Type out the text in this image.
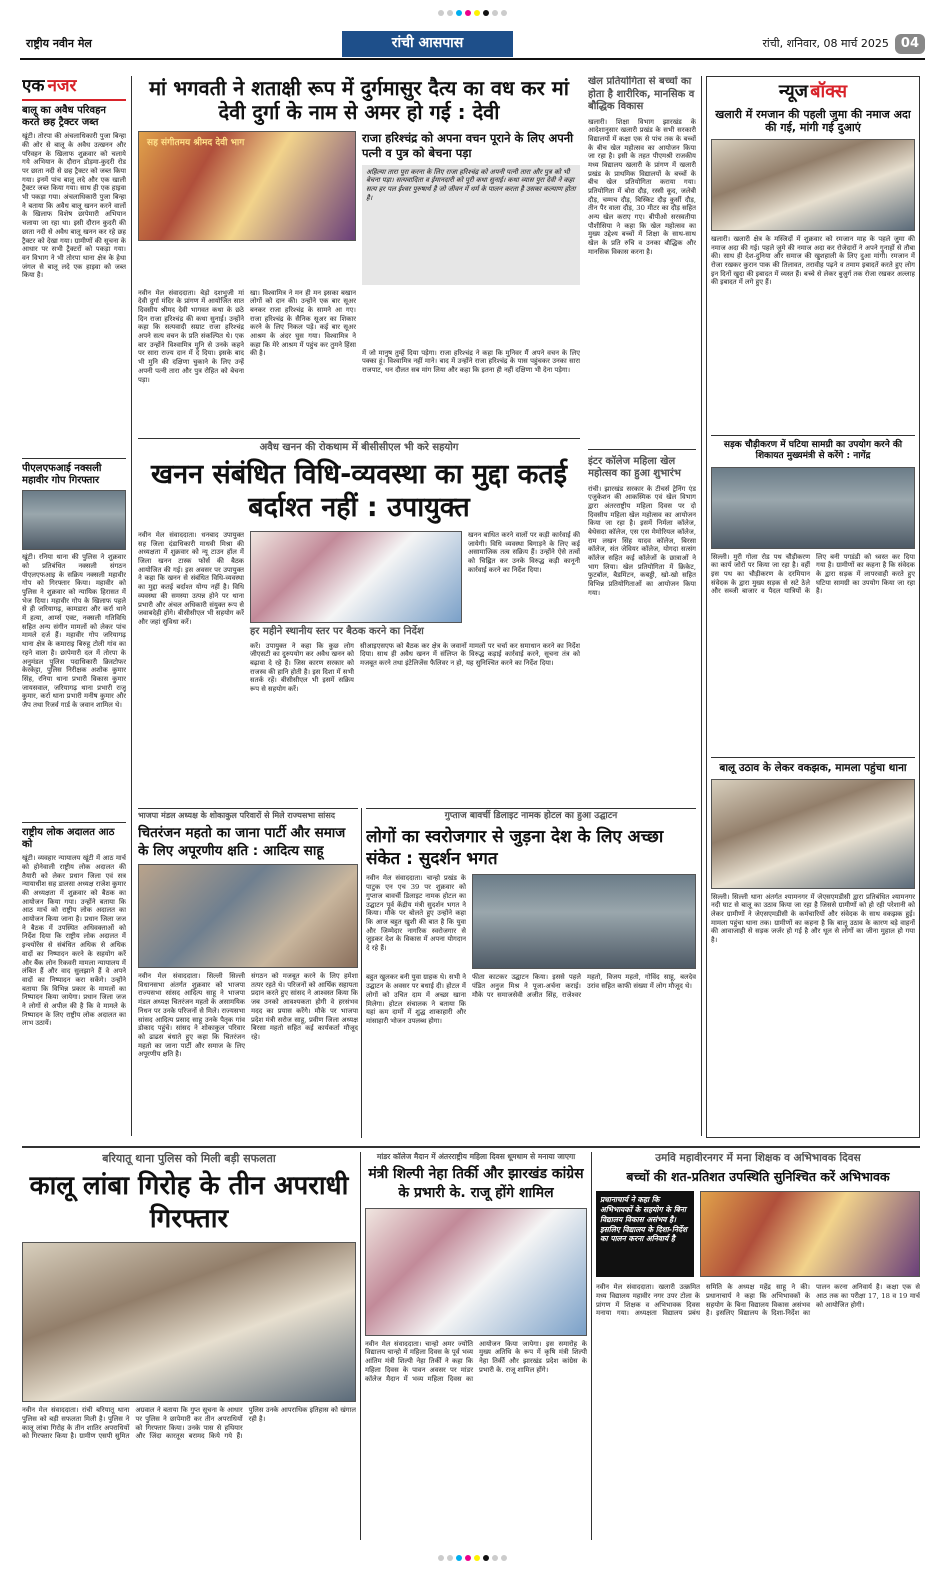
राष्ट्रीय नवीन मेल	रांची आसपास	रांची, शनिवार, 08 मार्च 2025 04
एक नजर
बालू का अवैध परिवहन करते छह ट्रैक्टर जब्त
खूंटी। तोरपा की अंचलाधिकारी पुजा बिन्हा की ओर से बालू के अवैध उत्खनन और परिवहन के खिलाफ शुक्रवार को चलाये गये अभियान के दौरान डोड़मा-कुदरी रोड पर छाता नदी से छह ट्रैक्टर को जब्त किया गया। इनमें पांच बालू लदे और एक खाली ट्रैक्टर जब्त किया गया। साथ ही एक हाइवा भी पकड़ा गया। अंचलाधिकारी पुजा बिन्हा ने बताया कि अवैध बालू खनन करने वालों के खिलाफ विशेष छापेमारी अभियान चलाया जा रहा था। इसी दौरान कुदरी की छाता नदी से अवैध बालू खनन कर रहे छह ट्रैक्टर को देखा गया। ग्रामीणों की सूचना के आधार पर सभी ट्रैक्टरों को पकड़ा गया। वन विभाग ने भी तोरपा थाना क्षेत्र के हेथा जंगल से बालू लदे एक हाइवा को जब्त किया है।
पीएलएफआई नक्सली महावीर गोप गिरफ्तार
खूंटी। रनिया थाना की पुलिस ने शुक्रवार को प्रतिबंधित नक्सली संगठन पीएलएफआइ के सक्रिय नक्सली महावीर गोप को गिरफ्तार किया। महावीर को पुलिस ने शुक्रवार को न्यायिक हिरासत में भेज दिया। महावीर गोप के खिलाफ पहले से ही जरियागढ़, कामडारा और कर्रा थाने में हत्या, आर्म्स एक्ट, नक्सली गतिविधि सहित अन्य संगीन मामलों को लेकर पांच मामले दर्ज हैं। महावीर गोप जरियागढ़ थाना क्षेत्र के कमाराइ बिरुहू टोली गांव का रहने वाला है। छापेमारी दल में तोरपा के अनुमंडल पुलिस पदाधिकारी क्रिस्टोफर केरकेट्टा, पुलिस निरीक्षक अशोक कुमार सिंह, रनिया थाना प्रभारी विकास कुमार जायसवाल, जरियागढ़ थाना प्रभारी राजू कुमार, कर्रा थाना प्रभारी मनीष कुमार और जैप तथा रिजर्व गार्ड के जवान शामिल थे।
राष्ट्रीय लोक अदालत आठ को
खूंटी। व्यवहार न्यायालय खूंटी में आठ मार्च को होनेवाली राष्ट्रीय लोक अदालत की तैयारी को लेकर प्रधान जिला एवं सत्र न्यायाधीश सह डालसा अध्यक्ष राजेश कुमार की अध्यक्षता में शुक्रवार को बैठक का आयोजन किया गया। उन्होंने बताया कि आठ मार्च को राष्ट्रीय लोक अदालत का आयोजन किया जाना है। प्रधान जिला जज ने बैठक में उपस्थित अधिवक्ताओं को निर्देश दिया कि राष्ट्रीय लोक अदालत में इन्श्योरेंस से संबंधित अधिक से अधिक वादों का निष्पादन करने के सहयोग करें और बैंक लोन रिकवरी मामला न्यायालय में लंबित हैं और वाद सुलझाने हैं वे अपने वादों का निष्पादन करा सकेंगे। उन्होंने बताया कि विभिन्न प्रकार के मामलों का निष्पादन किया जायेगा। प्रधान जिला जज ने लोगों से अपील की है कि वे मामले के निष्पादन के लिए राष्ट्रीय लोक अदालत का लाभ उठायें।
मां भगवती ने शताक्षी रूप में दुर्गमासुर दैत्य का वध कर मां देवी दुर्गा के नाम से अमर हो गई : देवी
सह संगीतमय श्रीमद देवी भाग	राजा हरिश्चंद्र को अपना वचन पूराने के लिए अपनी पत्नी व पुत्र को बेचना पड़ा
अहिल्या तारा पूरा करना के लिए राजा हरिश्चंद्र को अपनी पत्नी तारा और पुत्र को भी बेचना पड़ा। सत्यवादिता व ईमानदारी को पूरी कथा सुनाई। कथा व्यास पुरा देवी ने कहा सत्य हर पल ईश्वर पुरुषार्थ है जो जीवन में धर्म के पालन करता है उसका कल्याण होता है।
नवीन मेल संवाददाता। बेड़ो दशभुजी मां देवी दुर्गा मंदिर के प्रांगण में आयोजित सात दिवसीय श्रीमद देवी भागवत कथा के छठे दिन राजा हरिश्चंद्र की कथा सुनाई। उन्होंने कहा कि सत्यवादी सम्राट राजा हरिश्चंद्र अपने सत्य वचन के प्रति संकल्पित थे। एक बार उन्होंने विश्वामित्र मुनि से उनके कहने पर सारा राज्य दान में दे दिया। इसके बाद भी मुनि की दक्षिणा चुकाने के लिए उन्हें अपनी पत्नी तारा और पुत्र रोहित को बेचना पड़ा।
खा। विश्वामित्र ने मन ही मन इसका बखान लोगों को दान की। उन्होंने एक बार सूअर बनकर राजा हरिश्चंद्र के सामने आ गए। राजा हरिश्चंद्र के सैनिक सूअर का शिकार करने के लिए निकल पड़े। कई बार सूअर आश्रम के अंदर घुस गया। विश्वामित्र ने कहा कि मेरे आश्रम में पहुंच कर तुमने हिंसा की है।	में जो मानुष तुम्हें दिया पड़ेगा। राजा हरिश्चंद्र ने कहा कि मुनिवर मैं अपने वचन के लिए पक्का हूं। विश्वामित्र नहीं माने। बाद में उन्होंने राजा हरिश्चंद्र के पास पहुंचकर उनका सारा राजपाट, धन दौलत सब मांग लिया और कहा कि इतना ही नहीं दक्षिणा भी देना पड़ेगा।
खेल प्रतियोगिता से बच्चों का होता है शारीरिक, मानसिक व बौद्धिक विकास
खलारी। शिक्षा विभाग झारखंड के आदेशानुसार खलारी प्रखंड के सभी सरकारी विद्यालयों में कक्षा एक से पांच तक के बच्चों के बीच खेल महोत्सव का आयोजन किया जा रहा है। इसी के तहत पीएमश्री राजकीय मध्य विद्यालय खलारी के प्रांगण में खलारी प्रखंड के प्राथमिक विद्यालयों के बच्चों के बीच खेल प्रतियोगिता कराया गया। प्रतियोगिता में बोरा दौड़, रस्सी कूद, जलेबी दौड़, चम्मच दौड़, बिस्किट दौड़ कुर्सी दौड़, तीन पैर वाला दौड़, 30 मीटर का दौड़ सहित अन्य खेल कराए गए। बीपीओ सरस्वतीया पौशीसिया ने कहा कि खेल महोत्सव का मुख्य उद्देश्य बच्चों में शिक्षा के साथ-साथ खेल के प्रति रुचि व उनका बौद्धिक और मानसिक विकास करना है।
इंटर कॉलेज महिला खेल महोत्सव का हुआ शुभारंभ
रांची। झारखंड सरकार के टीचर्स ट्रेनिंग एंड एजुकेशन की आकस्मिक एवं खेल विभाग द्वारा अंतरराष्ट्रीय महिला दिवस पर दो दिवसीय महिला खेल महोत्सव का आयोजन किया जा रहा है। इसमें निर्मला कॉलेज, बेथेसदा कॉलेज, एस एस मेमोरियल कॉलेज, राम लखन सिंह यादव कॉलेज, बिरसा कॉलेज, संत जेवियर कॉलेज, योगदा सत्संग कॉलेज सहित कई कॉलेजों के छात्राओं ने भाग लिया। खेल प्रतियोगिता में क्रिकेट, फुटबॉल, बैडमिंटन, कबड्डी, खो-खो सहित विभिन्न प्रतियोगिताओं का आयोजन किया गया।
न्यूज बॉक्स
खलारी में रमजान की पहली जुमा की नमाज अदा की गई, मांगी गई दुआएं
खलारी। खलारी क्षेत्र के मस्जिदों में शुक्रवार को रमजान माह के पहले जुमा की नमाज अदा की गई। पहले जुमे की नमाज अदा कर रोजेदारों ने अपने गुनाहों से तौबा की। साथ ही देश-दुनिया और समाज की खुशहाली के लिए दुआ मांगी। रमजान में रोजा रखकर कुरान पाक की तिलावत, तरावीह पढ़ने व तमाम इबादतें करते हुए लोग इन दिनों खुदा की इबादत में व्यस्त हैं। बच्चे से लेकर बुजुर्ग तक रोजा रखकर अल्लाह की इबादत में लगे हुए हैं।
सड़क चौड़ीकरण में घटिया सामग्री का उपयोग करने की शिकायत मुख्यमंत्री से करेंगे : नागेंद्र
सिल्ली। मुरी गोला रोड पथ चौड़ीकरण का कार्य जोरों पर किया जा रहा है। वहीं इस पथ का चौड़ीकरण के दरमियान संवेदक के द्वारा मुख्य सड़क से सटे ठेले और सब्जी बाजार व पैदल यात्रियों के लिए बनी पगडंडी को ध्वस्त कर दिया गया है। ग्रामीणों का कहना है कि संवेदक के द्वारा सड़क में लापरवाही करते हुए घटिया सामग्री का उपयोग किया जा रहा है।
बालू उठाव के लेकर वकझक, मामला पहुंचा थाना
सिल्ली। सिल्ली थाना अंतर्गत श्यामनगर में जेएसएमडीसी द्वारा प्रतिबंधित श्यामनगर नदी घाट से बालू का उठाव किया जा रहा है जिससे ग्रामीणों को हो रही परेशानी को लेकर ग्रामीणों ने जेएसएमडीसी के कर्मचारियों और संवेदक के साथ वकझक हुई। मामला पहुंचा थाना तक। ग्रामीणों का कहना है कि बालू उठाव के कारण बड़े वाहनों की आवाजाही से सड़क जर्जर हो गई है और धूल से लोगों का जीना मुहाल हो गया है।
अवैध खनन की रोकथाम में बीसीसीएल भी करे सहयोग
खनन संबंधित विधि-व्यवस्था का मुद्दा कतई बर्दाश्त नहीं : उपायुक्त
नवीन मेल संवाददाता। धनबाद उपायुक्त सह जिला दंडाधिकारी माधवी मिश्रा की अध्यक्षता में शुक्रवार को न्यू टाउन हॉल में जिला खनन टास्क फोर्स की बैठक आयोजित की गई। इस अवसर पर उपायुक्त ने कहा कि खनन से संबंधित विधि-व्यवस्था का मुद्दा कतई बर्दाश्त योग्य नहीं है। विधि व्यवस्था की समस्या उत्पन्न होने पर थाना प्रभारी और अंचल अधिकारी संयुक्त रूप से जवाबदेही होंगे। बीसीसीएल भी सहयोग करें और जहां सुविधा करें।
खनन बाधित करने वालों पर कड़ी कार्रवाई की जायेगी। विधि व्यवस्था बिगाड़ने के लिए कई असामाजिक तत्व सक्रिय हैं। उन्होंने ऐसे तत्वों को चिह्नित कर उनके विरुद्ध कड़ी कानूनी कार्रवाई करने का निर्देश दिया।
हर महीने स्थानीय स्तर पर बैठक करने का निर्देश
करें। उपायुक्त ने कहा कि कुछ लोग जीएसटी का दुरुपयोग कर अवैध खनन को बढ़ावा दे रहे हैं। जिस कारण सरकार को राजस्व की हानि होती है। इस दिशा में सभी सतर्क रहें। बीसीसीएल भी इसमें सक्रिय रूप से सहयोग करें।
सीआइएसएफ को बैठक कर क्षेत्र के जवानों मामलों पर चर्चा कर समाधान करने का निर्देश दिया। साथ ही अवैध खनन में संलिप्त के विरुद्ध कड़ाई कार्रवाई करने, सूचना तंत्र को मजबूत करने तथा इंटेलिजेंस फैलिवर न हो, यह सुनिश्चित करने का निर्देश दिया।
भाजपा मंडल अध्यक्ष के शोकाकुल परिवारों से मिले राज्यसभा सांसद
चितरंजन महतो का जाना पार्टी और समाज के लिए अपूरणीय क्षति : आदित्य साहू
नवीन मेल संवाददाता। सिल्ली सिल्ली विधानसभा अंतर्गत शुक्रवार को भाजपा राज्यसभा सांसद आदित्य साहू ने भाजपा मंडल अध्यक्ष चितरंजन महतो के असामयिक निधन पर उनके परिजनों से मिले। राज्यसभा सांसद आदित्य प्रसाद साहू उनके पैतृक गांव डोकाद पहुंचे। सांसद ने शोकाकुल परिवार को ढाढस बंधाते हुए कहा कि चितरंजन महतो का जाना पार्टी और समाज के लिए अपूरणीय क्षति है।
संगठन को मजबूत करने के लिए हमेशा तत्पर रहते थे। परिजनों को आर्थिक सहायता प्रदान करते हुए सांसद ने आश्वस्त किया कि जब उनको आवश्यकता होगी वे हरसंभव मदद का प्रयास करेंगे। मौके पर भाजपा प्रदेश मंत्री सरोज साहू, प्रवीण जिला अध्यक्ष बिरसा महतो सहित कई कार्यकर्ता मौजूद रहे।
गुप्ताज बावर्ची डिलाइट नामक होटल का हुआ उद्घाटन
लोगों का स्वरोजगार से जुड़ना देश के लिए अच्छा संकेत : सुदर्शन भगत
नवीन मेल संवाददाता। चान्हो प्रखंड के पाटुक एन एच 39 पर शुक्रवार को गुप्ताज बावर्ची डिलाइट नामक होटल का उद्घाटन पूर्व केंद्रीय मंत्री सुदर्शन भगत ने किया। मौके पर बोलते हुए उन्होंने कहा कि आज बहुत खुशी की बात है कि युवा और जिम्मेदार नागरिक स्वरोजगार से जुड़कर देश के विकास में अपना योगदान दे रहे हैं।
बहुत खुलकर बनी युवा ग्राहक थे। सभी ने उद्घाटन के अवसर पर बधाई दी। होटल में लोगों को उचित दाम में अच्छा खाना मिलेगा। होटल संचालक ने बताया कि यहां कम दामों में शुद्ध शाकाहारी और मांसाहारी भोजन उपलब्ध होगा।
फीता काटकर उद्घाटन किया। इससे पहले पंडित अनुज मिश्र ने पूजा-अर्चना कराई। मौके पर समाजसेवी अजीत सिंह, राजेश्वर महतो, विजय महतो, गोविंद साहू, बलदेव उरांव सहित काफी संख्या में लोग मौजूद थे।
बरियातू थाना पुलिस को मिली बड़ी सफलता
कालू लांबा गिरोह के तीन अपराधी गिरफ्तार
नवीन मेल संवाददाता। रांची बरियातू थाना पुलिस को बड़ी सफलता मिली है। पुलिस ने कालू लांबा गिरोह के तीन शातिर अपराधियों को गिरफ्तार किया है। ग्रामीण एसपी सुमित अग्रवाल ने बताया कि गुप्त सूचना के आधार पर पुलिस ने छापेमारी कर तीन अपराधियों को गिरफ्तार किया। उनके पास से हथियार और जिंदा कारतूस बरामद किये गये हैं। पुलिस उनके आपराधिक इतिहास को खंगाल रही है।
मांडर कॉलेज मैदान में अंतरराष्ट्रीय महिला दिवस धूमधाम से मनाया जाएगा
मंत्री शिल्पी नेहा तिर्की और झारखंड कांग्रेस के प्रभारी के. राजू होंगे शामिल
नवीन मेल संवाददाता। चान्हो अमर ज्योति विद्यालय चान्हो में महिला दिवस के पूर्व भव्य आंतिम मंत्री शिल्पी नेहा तिर्की ने कहा कि महिला दिवस के पावन अवसर पर मांडर कॉलेज मैदान में भव्य महिला दिवस का आयोजन किया जायेगा। इस समारोह के मुख्य अतिथि के रूप में कृषि मंत्री शिल्पी नेहा तिर्की और झारखंड प्रदेश कांग्रेस के प्रभारी के. राजू शामिल होंगे।
उमवि महावीरनगर में मना शिक्षक व अभिभावक दिवस
बच्चों की शत-प्रतिशत उपस्थिति सुनिश्चित करें अभिभावक
प्रधानाचार्य ने कहा कि अभिभावकों के सहयोग के बिना विद्यालय विकास असंभव है। इसलिए विद्यालय के दिशा-निर्देश का पालन करना अनिवार्य है
नवीन मेल संवाददाता। खलारी उत्क्रमित मध्य विद्यालय महावीर नगर उपर टोला के प्रांगण में शिक्षक व अभिभावक दिवस मनाया गया। अध्यक्षता विद्यालय प्रबंध समिति के अध्यक्ष महेंद्र साहू ने की। प्रधानाचार्य ने कहा कि अभिभावकों के सहयोग के बिना विद्यालय विकास असंभव है। इसलिए विद्यालय के दिशा-निर्देश का पालन करना अनिवार्य है। कक्षा एक से आठ तक का परीक्षा 17, 18 व 19 मार्च को आयोजित होगी।
